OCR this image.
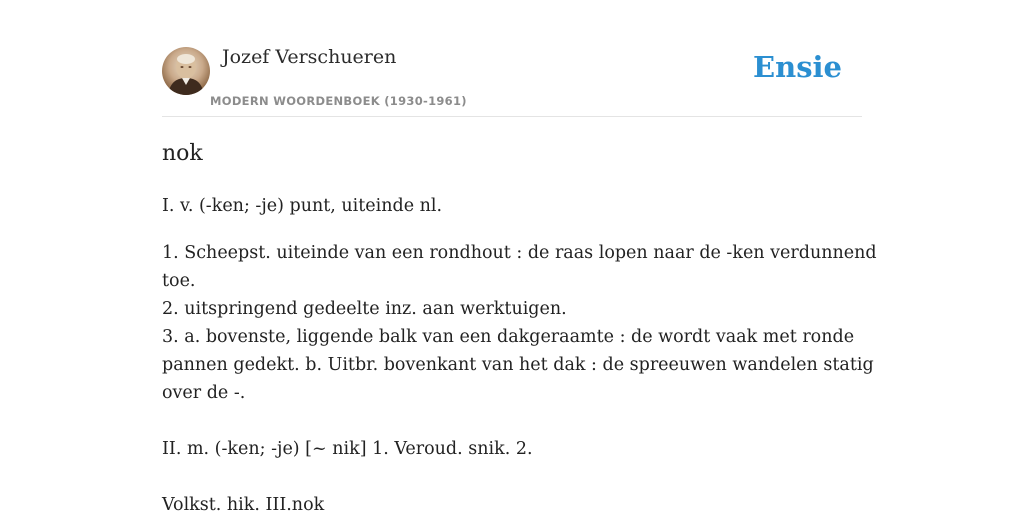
Jozef Verschueren
MODERN WOORDENBOEK (1930-1961)
Ensie
nok

I. v. (-ken; -je) punt, uiteinde nl.

1. Scheepst. uiteinde van een rondhout : de raas lopen naar de -ken verdunnend

toe.

2. uitspringend gedeelte inz. aan werktuigen.

3. a. bovenste, liggende balk van een dakgeraamte : de wordt vaak met ronde

pannen gedekt. b. Uitbr. bovenkant van het dak : de spreeuwen wandelen statig

over de -.

II. m. (-ken; -je) [~ nik] 1. Veroud. snik. 2.

Volkst. hik. III.nok
